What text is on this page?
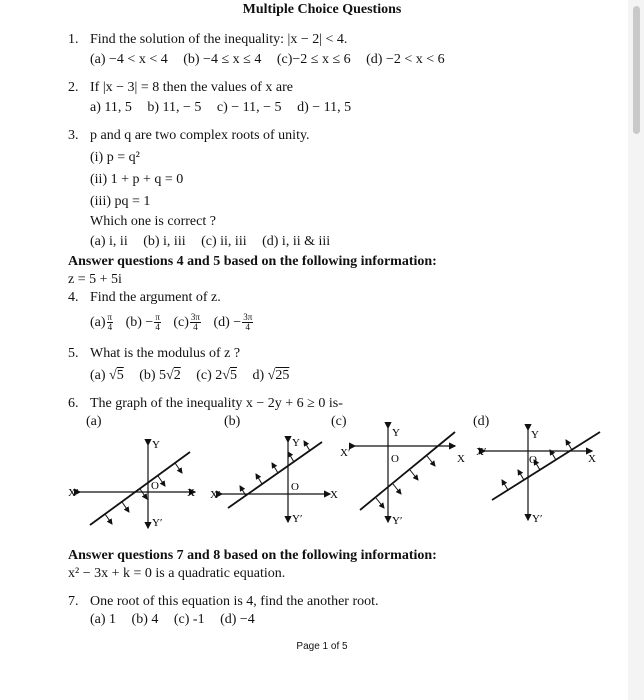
Multiple Choice Questions
1. Find the solution of the inequality: |x − 2| < 4.
(a) −4 < x < 4 (b) −4 ≤ x ≤ 4 (c)−2 ≤ x ≤ 6 (d) −2 < x < 6
2. If |x − 3| = 8 then the values of x are
a) 11, 5 b) 11, − 5 c) − 11, − 5 d) − 11, 5
3. p and q are two complex roots of unity.
(i) p = q²
(ii) 1 + p + q = 0
(iii) pq = 1
Which one is correct ?
(a) i, ii (b) i, iii (c) ii, iii (d) i, ii & iii
Answer questions 4 and 5 based on the following information:
z = 5 + 5i
4. Find the argument of z.
$(a) \frac{\pi}{4} (b) - \frac{\pi}{4} (c) \frac{3\pi}{4} (d) - \frac{3\pi}{4}$
5. What is the modulus of z ?
(a) √5 (b) 5√2 (c) 2√5 d) √25
6. The graph of the inequality x − 2y + 6 ≥ 0 is-
(a)	(b)	(c)	(d)
X′	X
Y
Y′
O
X′	X
Y
Y′
O
X′	X
Y
Y′
O
X′
X
Y
Y′
O
Answer questions 7 and 8 based on the following information:
x² − 3x + k = 0 is a quadratic equation.
7. One root of this equation is 4, find the another root.
(a) 1 (b) 4 (c) -1 (d) −4
Page 1 of 5
